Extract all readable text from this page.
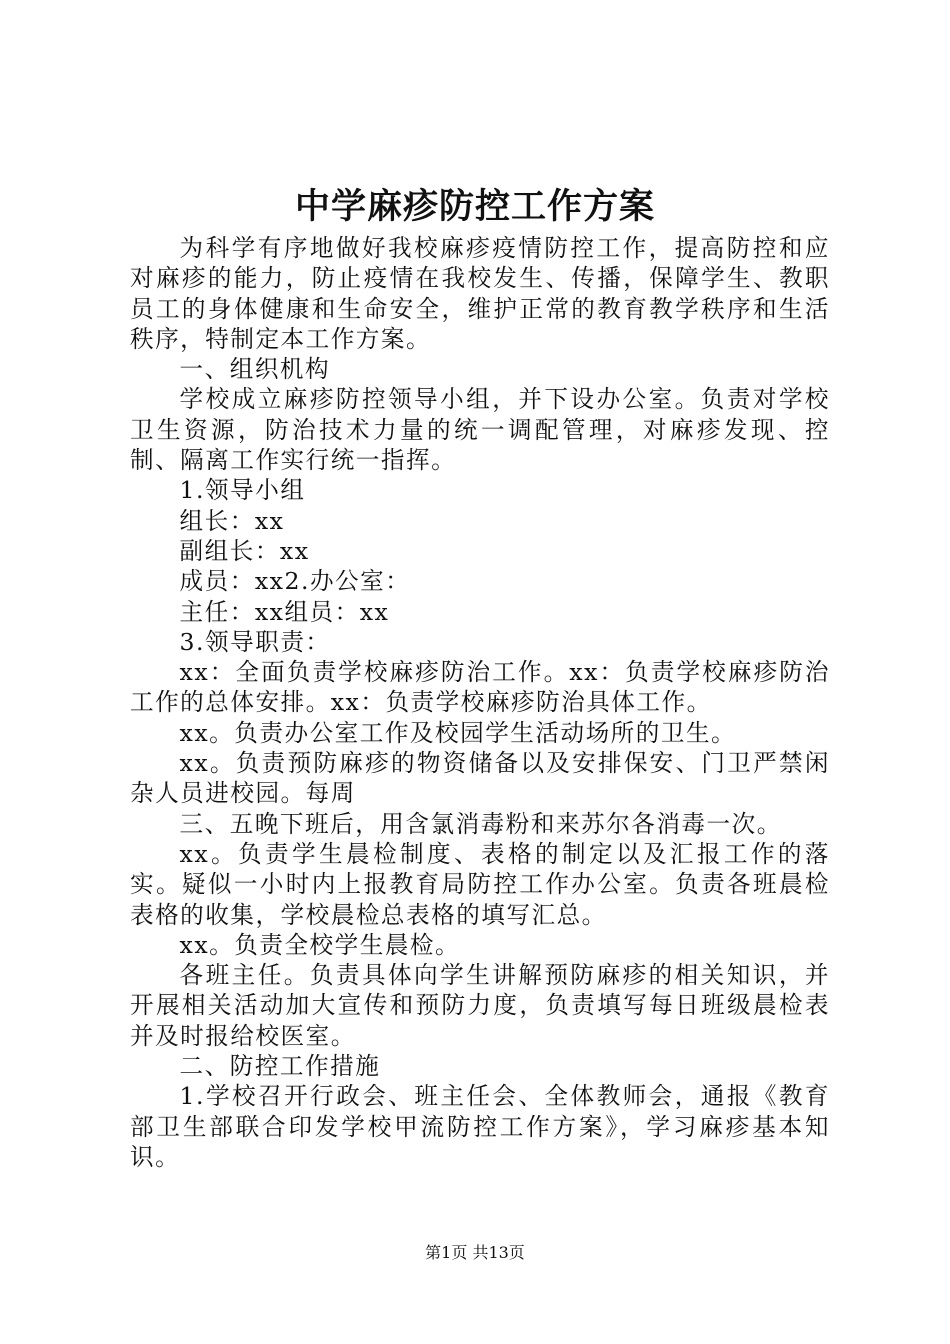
中学麻疹防控工作方案

为科学有序地做好我校麻疹疫情防控工作，提高防控和应对麻疹的能力，防止疫情在我校发生、传播，保障学生、教职员工的身体健康和生命安全，维护正常的教育教学秩序和生活秩序，特制定本工作方案。

一、组织机构

学校成立麻疹防控领导小组，并下设办公室。负责对学校卫生资源，防治技术力量的统一调配管理，对麻疹发现、控制、隔离工作实行统一指挥。

1.领导小组

组长：xx

副组长：xx

成员：xx2.办公室：

主任：xx组员：xx

3.领导职责：

xx：全面负责学校麻疹防治工作。xx：负责学校麻疹防治工作的总体安排。xx：负责学校麻疹防治具体工作。

xx。负责办公室工作及校园学生活动场所的卫生。

xx。负责预防麻疹的物资储备以及安排保安、门卫严禁闲杂人员进校园。每周

三、五晚下班后，用含氯消毒粉和来苏尔各消毒一次。

xx。负责学生晨检制度、表格的制定以及汇报工作的落实。疑似一小时内上报教育局防控工作办公室。负责各班晨检表格的收集，学校晨检总表格的填写汇总。

xx。负责全校学生晨检。

各班主任。负责具体向学生讲解预防麻疹的相关知识，并开展相关活动加大宣传和预防力度，负责填写每日班级晨检表并及时报给校医室。

二、防控工作措施

1.学校召开行政会、班主任会、全体教师会，通报《教育部卫生部联合印发学校甲流防控工作方案》，学习麻疹基本知识。

第1页 共13页
